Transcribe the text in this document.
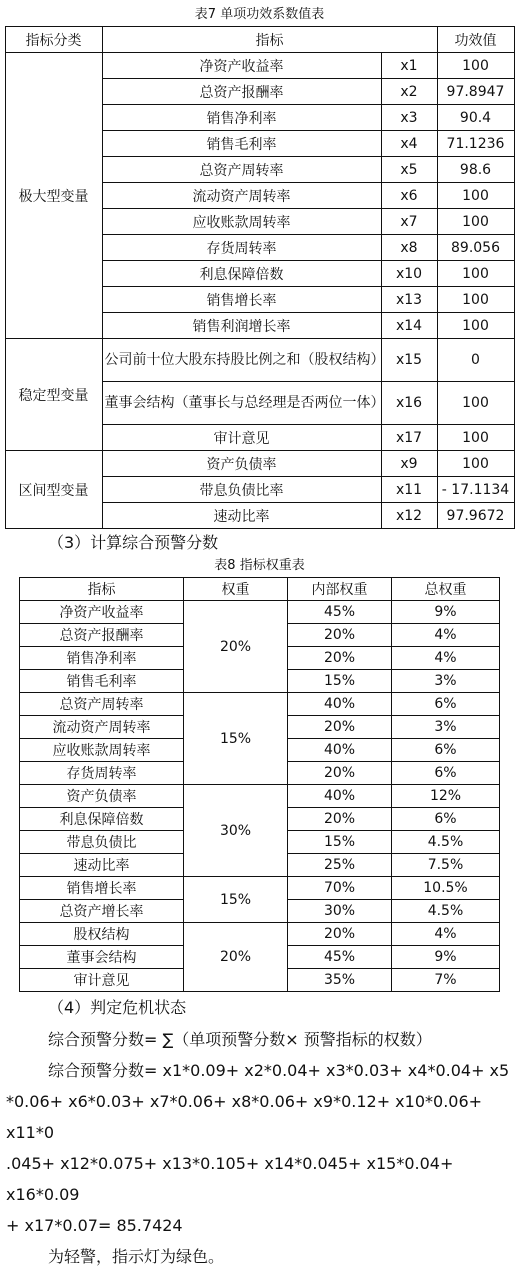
表7 单项功效系数值表

指标分类	指标		功效值
极大型变量	净资产收益率	x1	100
	总资产报酬率	x2	97.8947
	销售净利率	x3	90.4
	销售毛利率	x4	71.1236
	总资产周转率	x5	98.6
	流动资产周转率	x6	100
	应收账款周转率	x7	100
	存货周转率	x8	89.056
	利息保障倍数	x10	100
	销售增长率	x13	100
	销售利润增长率	x14	100
稳定型变量	公司前十位大股东持股比例之和（股权结构）	x15	0
	董事会结构（董事长与总经理是否两位一体）	x16	100
	审计意见	x17	100
区间型变量	资产负债率	x9	100
	带息负债比率	x11	- 17.1134
	速动比率	x12	97.9672

（3）计算综合预警分数

表8 指标权重表

指标	权重	内部权重	总权重
净资产收益率	20%	45%	9%
总资产报酬率		20%	4%
销售净利率		20%	4%
销售毛利率		15%	3%
总资产周转率	15%	40%	6%
流动资产周转率		20%	3%
应收账款周转率		40%	6%
存货周转率		20%	6%
资产负债率	30%	40%	12%
利息保障倍数		20%	6%
带息负债比		15%	4.5%
速动比率		25%	7.5%
销售增长率	15%	70%	10.5%
总资产增长率		30%	4.5%
股权结构	20%	20%	4%
董事会结构		45%	9%
审计意见		35%	7%

（4）判定危机状态

综合预警分数= ∑（单项预警分数× 预警指标的权数）

综合预警分数= x1*0.09+ x2*0.04+ x3*0.03+ x4*0.04+ x5

*0.06+ x6*0.03+ x7*0.06+ x8*0.06+ x9*0.12+ x10*0.06+ x11*0

.045+ x12*0.075+ x13*0.105+ x14*0.045+ x15*0.04+ x16*0.09

+ x17*0.07= 85.7424

为轻警，指示灯为绿色。
